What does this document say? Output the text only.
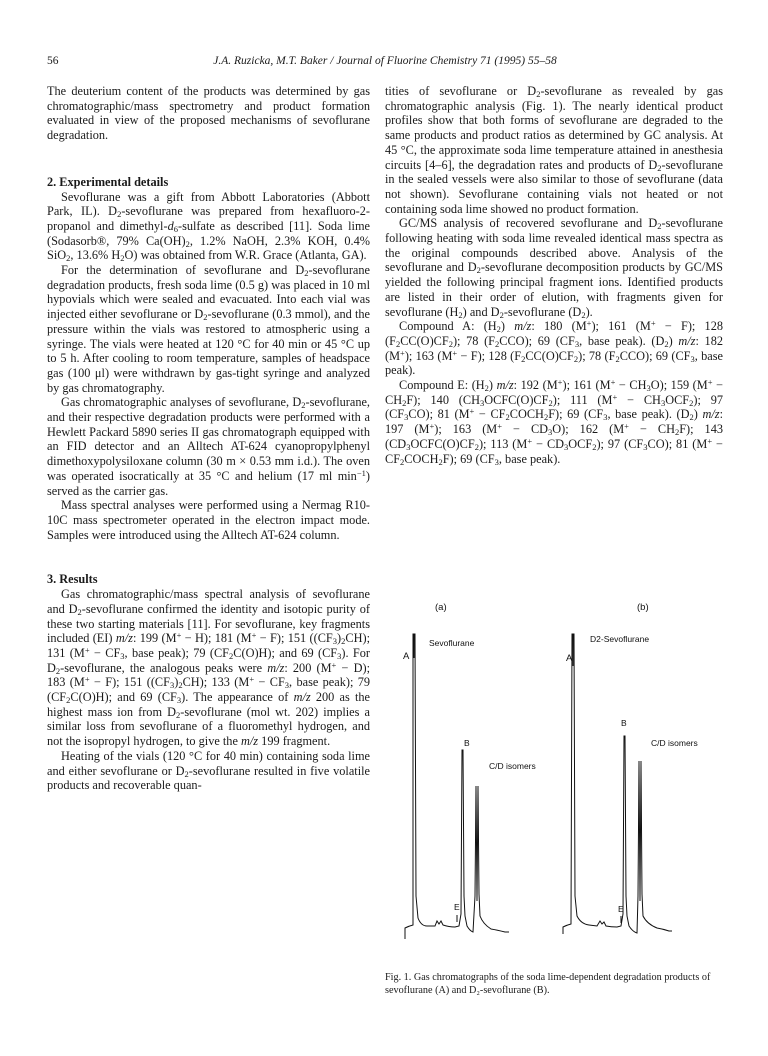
56	J.A. Ruzicka, M.T. Baker / Journal of Fluorine Chemistry 71 (1995) 55–58

The deuterium content of the products was determined by gas chromatographic/mass spectrometry and product formation evaluated in view of the proposed mechanisms of sevoflurane degradation.

2. Experimental details

Sevoflurane was a gift from Abbott Laboratories (Abbott Park, IL). $D_2$-sevoflurane was prepared from hexafluoro-2-propanol and dimethyl-$d_6$-sulfate as described [11]. Soda lime (Sodasorb®, 79% $Ca(OH)_2$, 1.2% NaOH, 2.3% KOH, 0.4% SiO$_2$, 13.6% $H_2O$) was obtained from W.R. Grace (Atlanta, GA).

For the determination of sevoflurane and $D_2$-sevoflurane degradation products, fresh soda lime (0.5 g) was placed in 10 ml hypovials which were sealed and evacuated. Into each vial was injected either sevoflurane or $D_2$-sevoflurane (0.3 mmol), and the pressure within the vials was restored to atmospheric using a syringe. The vials were heated at 120 °C for 40 min or 45 °C up to 5 h. After cooling to room temperature, samples of headspace gas (100 μl) were withdrawn by gas-tight syringe and analyzed by gas chromatography.

Gas chromatographic analyses of sevoflurane, $D_2$-sevoflurane, and their respective degradation products were performed with a Hewlett Packard 5890 series II gas chromatograph equipped with an FID detector and an Alltech AT-624 cyanopropylphenyl dimethoxypolysiloxane column (30 m × 0.53 mm i.d.). The oven was operated isocratically at 35 °C and helium (17 ml $\min^{-1}$) served as the carrier gas.

Mass spectral analyses were performed using a Nermag R10-10C mass spectrometer operated in the electron impact mode. Samples were introduced using the Alltech AT-624 column.

3. Results

Gas chromatographic/mass spectral analysis of sevoflurane and $D_2$-sevoflurane confirmed the identity and isotopic purity of these two starting materials [11]. For sevoflurane, key fragments included (EI) m/z: 199 (M+ − H); 181 (M+ − F); 151 $((CF_3)_2CH)$; 131 ($M^+ - CF_3$, base peak); 79 $(CF_2C(O)H)$; and 69 $(CF_3)$. For $D_2$-sevoflurane, the analogous peaks were m/z: 200 (M+ − D); 183 (M+ − F); 151 $((CF_3)_2CH)$; 133 ($M^+ - CF_3$, base peak); 79 $(CF_2C(O)H)$; and 69 $(CF_3)$. The appearance of m/z 200 as the highest mass ion from $D_2$-sevoflurane (mol wt. 202) implies a similar loss from sevoflurane of a fluoromethyl hydrogen, and not the isopropyl hydrogen, to give the m/z 199 fragment.

Heating of the vials (120 °C for 40 min) containing soda lime and either sevoflurane or $D_2$-sevoflurane resulted in five volatile products and recoverable quan-

tities of sevoflurane or $D_2$-sevoflurane as revealed by gas chromatographic analysis (Fig. 1). The nearly identical product profiles show that both forms of sevoflurane are degraded to the same products and product ratios as determined by GC analysis. At 45 °C, the approximate soda lime temperature attained in anesthesia circuits [4–6], the degradation rates and products of $D_2$-sevoflurane in the sealed vessels were also similar to those of sevoflurane (data not shown). Sevoflurane containing vials not heated or not containing soda lime showed no product formation.

GC/MS analysis of recovered sevoflurane and $D_2$-sevoflurane following heating with soda lime revealed identical mass spectra as the original compounds described above. Analysis of the sevoflurane and $D_2$-sevoflurane decomposition products by GC/MS yielded the following principal fragment ions. Identified products are listed in their order of elution, with fragments given for sevoflurane $(H_2)$ and $D_2$-sevoflurane $(D_2)$.

Compound A: $(H_2)$ m/z: 180 (M+); 161 (M+ − F); 128 $(F_2CC(O)CF_2)$; 78 $(F_2CCO)$; 69 ($CF_3$, base peak). $(D_2)$ m/z: 182 (M+); 163 (M+ − F); 128 $(F_2CC(O)CF_2)$; 78 $(F_2CCO)$; 69 ($CF_3$, base peak).

Compound E: $(H_2)$ m/z: 192 (M+); 161 $(M^+ - CH_3O)$; 159 $(M^+ - CH_2F)$; 140 $(CH_3OCFC(O)CF_2)$; 111 $(M^+ - CH_3OCF_2)$; 97 $(CF_3CO)$; 81 $(M^+ - CF_2COCH_2F)$; 69 ($CF_3$, base peak). $(D_2)$ m/z: 197 (M+); 163 $(M^+ - CD_3O)$; 162 $(M^+ - CH_2F)$; 143 $(CD_3OCFC(O)CF_2)$; 113 $(M^+ - CD_3OCF_2)$; 97 $(CF_3CO)$; 81 $(M^+ - CF_2COCH_2F)$; 69 ($CF_3$, base peak).

(a)	(b)
Sevoflurane	D2-Sevoflurane
A	A
B
B
C/D isomers
C/D isomers
E	E
Fig. 1. Gas chromatographs of the soda lime-dependent degradation products of sevoflurane (A) and D₂-sevoflurane (B).
